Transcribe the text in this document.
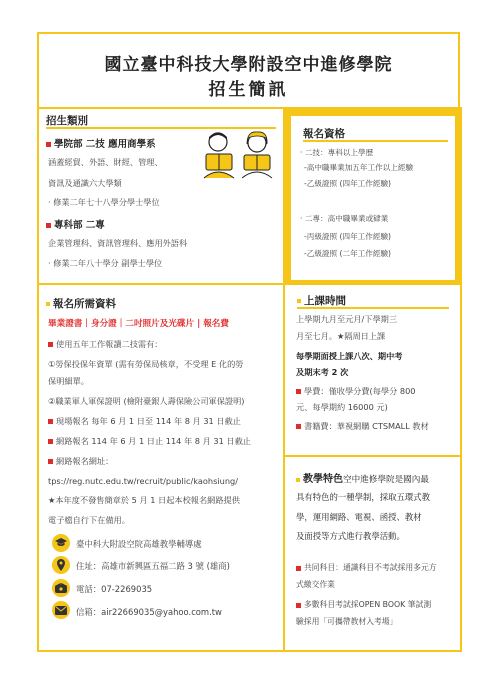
國立臺中科技大學附設空中進修學院
招生簡訊
招生類別
學院部 二技 應用商學系
涵蓋經貿、外語、財經、管理、
資訊及通識六大學類
· 修業二年七十八學分學士學位
專科部 二專
企業管理科、資訊管理科、應用外語科
· 修業二年八十學分 副學士學位
報名資格
· 二技：專科以上學歷
-高中職畢業加五年工作以上經驗
-乙級證照 (四年工作經驗)
· 二專：高中職畢業或肄業
-丙級證照 (四年工作經驗)
-乙級證照 (二年工作經驗)
報名所需資料
畢業證書｜身分證｜二吋照片及光碟片 | 報名費
使用五年工作報讀二技需有：
①勞保投保年資單 (需有勞保局核章，不受理 E 化的勞
保明細單。
②職業軍人軍保證明 (檢附臺銀人壽保險公司軍保證明)
現場報名 每年 6 月 1 日至 114 年 8 月 31 日截止
網路報名 114 年 6 月 1 日止 114 年 8 月 31 日截止
網路報名網址：
tps://reg.nutc.edu.tw/recruit/public/kaohsiung/
★本年度不發售簡章於 5 月 1 日起本校報名網路提供
電子檔自行下在備用。
臺中科大附設空院高雄教學輔導處
住址：高雄市新興區五福二路 3 號 (雄商)
電話：07-2269035
信箱：air22669035@yahoo.com.tw
上課時間
上學期九月至元月/下學期三
月至七月。★隔周日上課
每學期面授上課八次、期中考
及期末考 2 次
學費：僅收學分費(每學分 800
元、每學期約 16000 元)
書籍費：華視網購 CTSMALL 教材
教學特色空中進修學院是國內最
具有特色的一種學制，採取五環式教
學，運用網路、電視、函授、教材
及面授等方式進行教學活動。
共同科目：通識科目不考試採用多元方
式繳交作業
多數科目考試採OPEN BOOK 筆試測
驗採用「可攜帶教材入考場」
